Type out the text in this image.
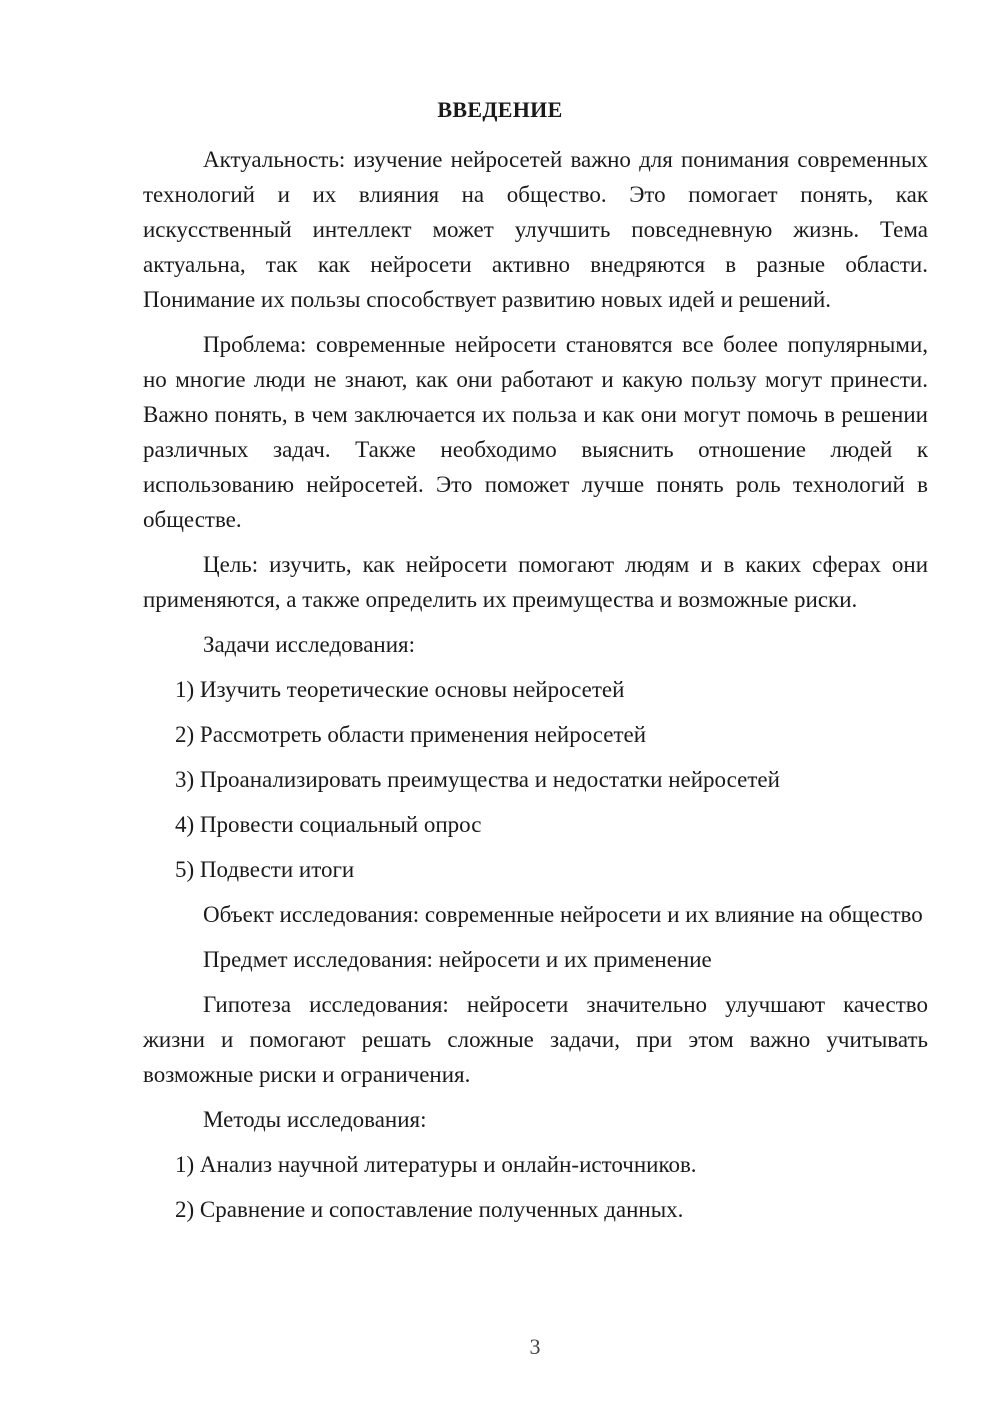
ВВЕДЕНИЕ

Актуальность: изучение нейросетей важно для понимания современных технологий и их влияния на общество. Это помогает понять, как искусственный интеллект может улучшить повседневную жизнь. Тема актуальна, так как нейросети активно внедряются в разные области. Понимание их пользы способствует развитию новых идей и решений.

Проблема: современные нейросети становятся все более популярными, но многие люди не знают, как они работают и какую пользу могут принести. Важно понять, в чем заключается их польза и как они могут помочь в решении различных задач. Также необходимо выяснить отношение людей к использованию нейросетей. Это поможет лучше понять роль технологий в обществе.

Цель: изучить, как нейросети помогают людям и в каких сферах они применяются, а также определить их преимущества и возможные риски.

Задачи исследования:

1) Изучить теоретические основы нейросетей

2) Рассмотреть области применения нейросетей

3) Проанализировать преимущества и недостатки нейросетей

4) Провести социальный опрос

5) Подвести итоги

Объект исследования: современные нейросети и их влияние на общество

Предмет исследования: нейросети и их применение

Гипотеза исследования: нейросети значительно улучшают качество жизни и помогают решать сложные задачи, при этом важно учитывать возможные риски и ограничения.

Методы исследования:

1) Анализ научной литературы и онлайн-источников.

2) Сравнение и сопоставление полученных данных.

3
